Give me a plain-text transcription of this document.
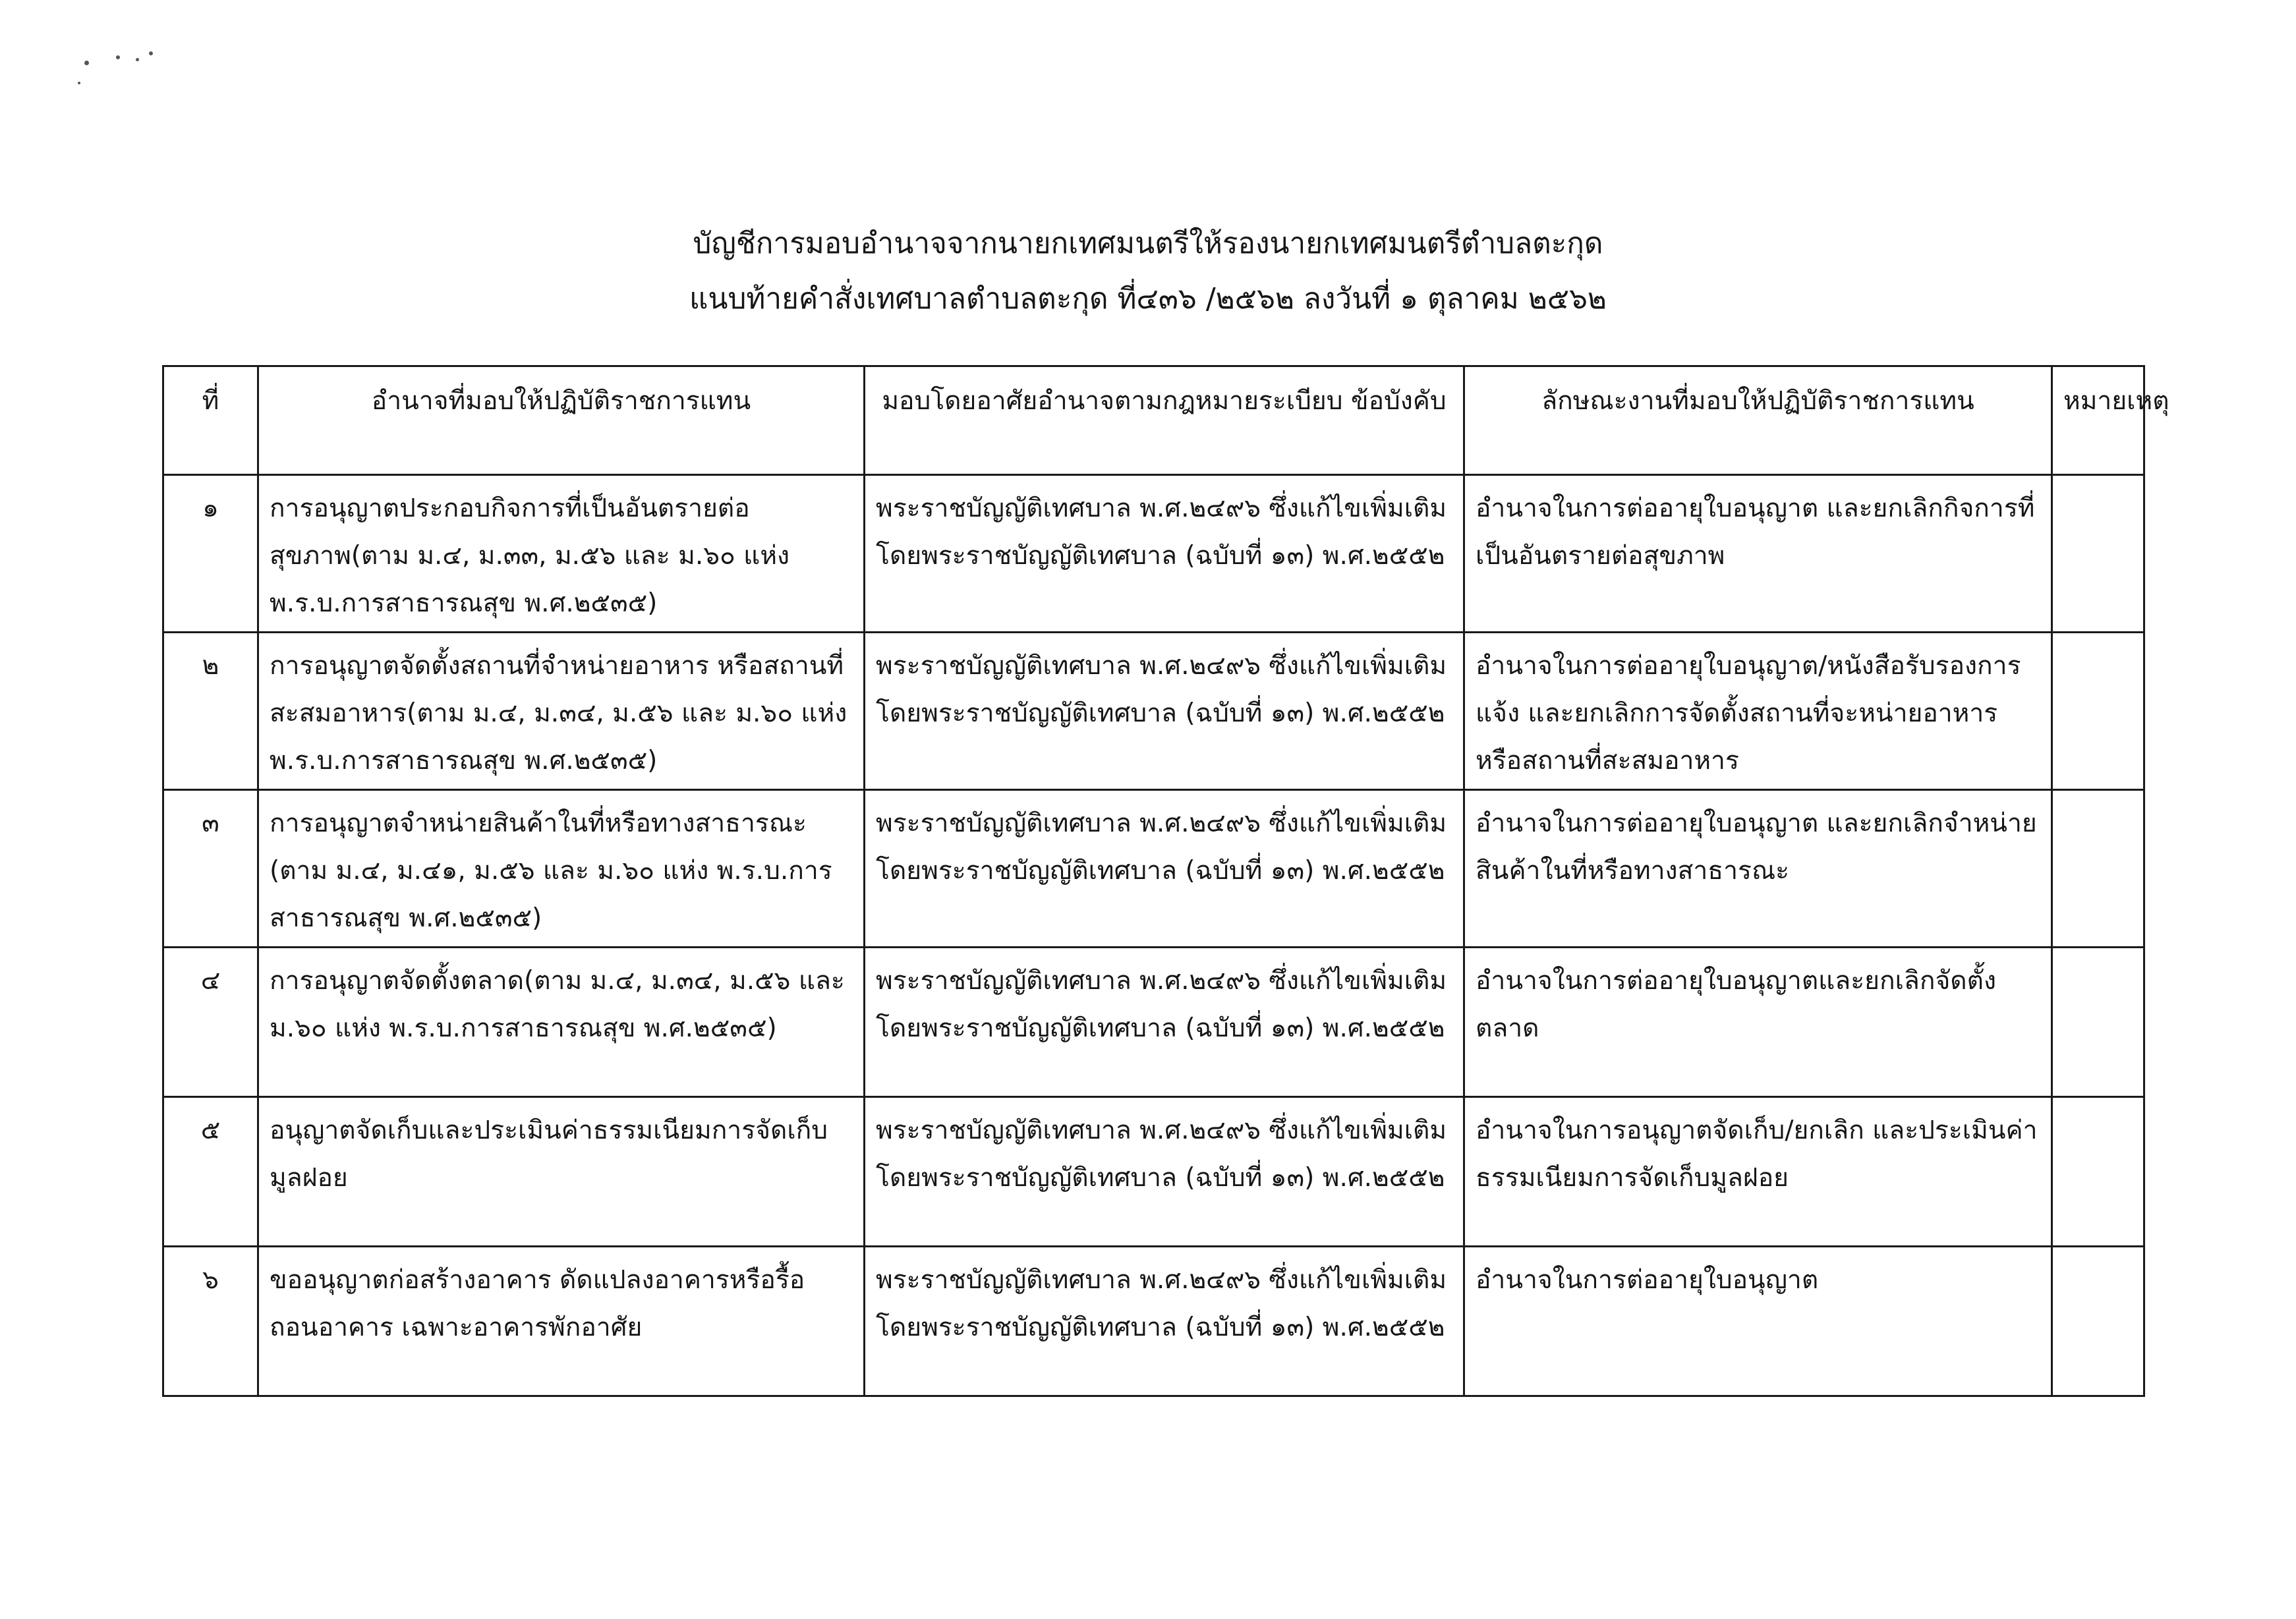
บัญชีการมอบอำนาจจากนายกเทศมนตรีให้รองนายกเทศมนตรีตำบลตะกุด
แนบท้ายคำสั่งเทศบาลตำบลตะกุด ที่๔๓๖ /๒๕๖๒ ลงวันที่ ๑ ตุลาคม ๒๕๖๒
ที่	อำนาจที่มอบให้ปฏิบัติราชการแทน	มอบโดยอาศัยอำนาจตามกฎหมายระเบียบ ข้อบังคับ	ลักษณะงานที่มอบให้ปฏิบัติราชการแทน	หมายเหตุ
๑	การอนุญาตประกอบกิจการที่เป็นอันตรายต่อสุขภาพ(ตาม ม.๔, ม.๓๓, ม.๕๖ และ ม.๖๐ แห่ง พ.ร.บ.การสาธารณสุข พ.ศ.๒๕๓๕)	พระราชบัญญัติเทศบาล พ.ศ.๒๔๙๖ ซึ่งแก้ไขเพิ่มเติม โดยพระราชบัญญัติเทศบาล (ฉบับที่ ๑๓) พ.ศ.๒๕๕๒	อำนาจในการต่ออายุใบอนุญาต และยกเลิกกิจการที่เป็นอันตรายต่อสุขภาพ	
๒	การอนุญาตจัดตั้งสถานที่จำหน่ายอาหาร หรือสถานที่สะสมอาหาร(ตาม ม.๔, ม.๓๔, ม.๕๖ และ ม.๖๐ แห่ง พ.ร.บ.การสาธารณสุข พ.ศ.๒๕๓๕)	พระราชบัญญัติเทศบาล พ.ศ.๒๔๙๖ ซึ่งแก้ไขเพิ่มเติม โดยพระราชบัญญัติเทศบาล (ฉบับที่ ๑๓) พ.ศ.๒๕๕๒	อำนาจในการต่ออายุใบอนุญาต/หนังสือรับรองการแจ้ง และยกเลิกการจัดตั้งสถานที่จะหน่ายอาหาร หรือสถานที่สะสมอาหาร	
๓	การอนุญาตจำหน่ายสินค้าในที่หรือทางสาธารณะ (ตาม ม.๔, ม.๔๑, ม.๕๖ และ ม.๖๐ แห่ง พ.ร.บ.การสาธารณสุข พ.ศ.๒๕๓๕)	พระราชบัญญัติเทศบาล พ.ศ.๒๔๙๖ ซึ่งแก้ไขเพิ่มเติม โดยพระราชบัญญัติเทศบาล (ฉบับที่ ๑๓) พ.ศ.๒๕๕๒	อำนาจในการต่ออายุใบอนุญาต และยกเลิกจำหน่ายสินค้าในที่หรือทางสาธารณะ	
๔	การอนุญาตจัดตั้งตลาด(ตาม ม.๔, ม.๓๔, ม.๕๖ และ ม.๖๐ แห่ง พ.ร.บ.การสาธารณสุข พ.ศ.๒๕๓๕)	พระราชบัญญัติเทศบาล พ.ศ.๒๔๙๖ ซึ่งแก้ไขเพิ่มเติม โดยพระราชบัญญัติเทศบาล (ฉบับที่ ๑๓) พ.ศ.๒๕๕๒	อำนาจในการต่ออายุใบอนุญาตและยกเลิกจัดตั้งตลาด	
๕	อนุญาตจัดเก็บและประเมินค่าธรรมเนียมการจัดเก็บมูลฝอย	พระราชบัญญัติเทศบาล พ.ศ.๒๔๙๖ ซึ่งแก้ไขเพิ่มเติม โดยพระราชบัญญัติเทศบาล (ฉบับที่ ๑๓) พ.ศ.๒๕๕๒	อำนาจในการอนุญาตจัดเก็บ/ยกเลิก และประเมินค่าธรรมเนียมการจัดเก็บมูลฝอย	
๖	ขออนุญาตก่อสร้างอาคาร ดัดแปลงอาคารหรือรื้อถอนอาคาร เฉพาะอาคารพักอาศัย	พระราชบัญญัติเทศบาล พ.ศ.๒๔๙๖ ซึ่งแก้ไขเพิ่มเติม โดยพระราชบัญญัติเทศบาล (ฉบับที่ ๑๓) พ.ศ.๒๕๕๒	อำนาจในการต่ออายุใบอนุญาต	
